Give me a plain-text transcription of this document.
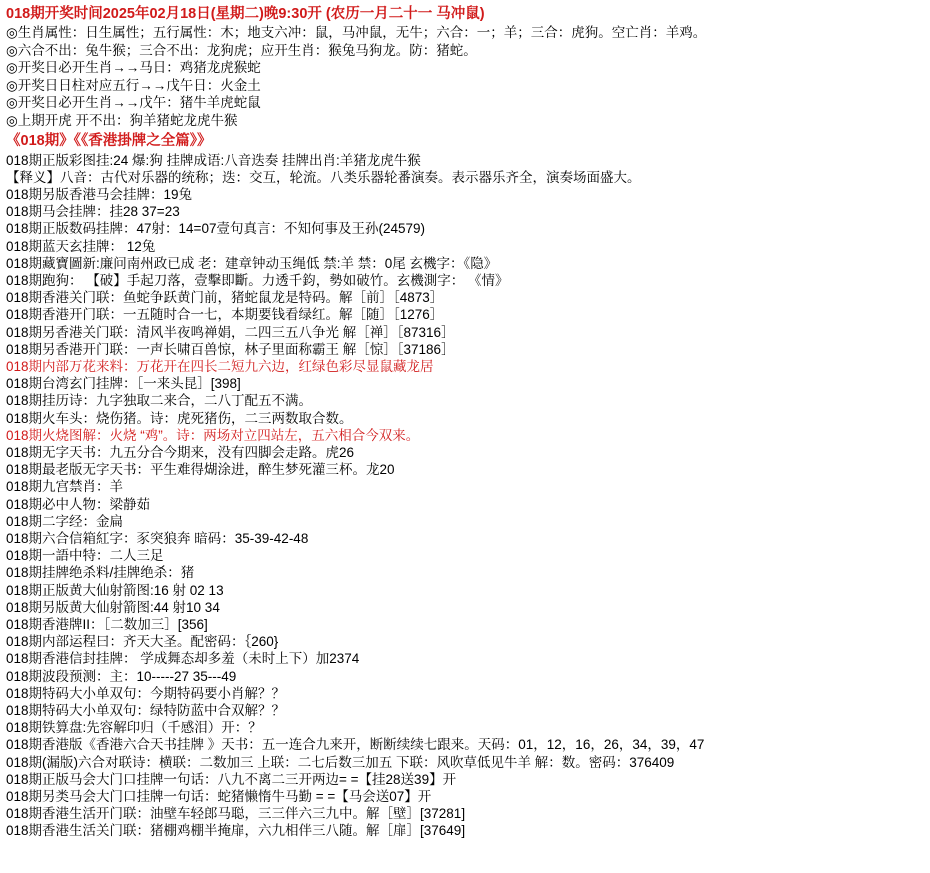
018期开奖时间2025年02月18日(星期二)晚9:30开 (农历一月二十一 马冲鼠)
◎生肖属性：日生属性；五行属性：木；地支六冲：鼠，马冲鼠，无牛；六合：一；羊；三合：虎狗。空亡肖：羊鸡。
◎六合不出：兔牛猴；三合不出：龙狗虎；应开生肖：猴兔马狗龙。防：猪蛇。
◎开奖日必开生肖→→马日：鸡猪龙虎猴蛇
◎开奖日日柱对应五行→→戊午日：火金土
◎开奖日必开生肖→→戊午：猪牛羊虎蛇鼠
◎上期开虎 开不出：狗羊猪蛇龙虎牛猴
《018期》《《香港掛牌之全篇》》
018期正版彩图挂:24 爆:狗 挂牌成语:八音迭奏 挂牌出肖:羊猪龙虎牛猴
【释义】八音：古代对乐器的统称；迭：交互，轮流。八类乐器轮番演奏。表示器乐齐全，演奏场面盛大。
018期另版香港马会挂牌：19兔
018期马会挂牌：挂28 37=23
018期正版数码挂牌：47射：14=07壹句真言：不知何事及王孙(24579)
018期蓝天玄挂牌： 12兔
018期藏寶圖新:廉问南州政已成 老：建章钟动玉绳低 禁:羊 禁：0尾 玄機字：《隐》
018期跑狗： 【破】手起刀落，壹擊即斷。力透千鈞，勢如破竹。玄機測字： 《情》
018期香港关门联：鱼蛇争跃黄门前，猪蛇鼠龙是特码。解［前］［4873］
018期香港开门联：一五随时合一七，本期要钱看绿红。解［随］［1276］
018期另香港关门联：清风半夜鸣禅娟，二四三五八争光 解［禅］［87316］
018期另香港开门联：一声长啸百兽惊，林子里面称霸王 解［惊］［37186］
018期内部万花来料：万花开在四长二短九六边，红绿色彩尽显鼠藏龙居
018期台湾玄门挂牌：［一来头昆］[398]
018期挂历诗：九字独取二来合，二八丁配五不满。
018期火车头：烧伤猪。诗：虎死猪伤，二三两数取合数。
018期火烧图解：火烧 “鸡”。诗：两场对立四站左，五六相合今双来。
018期无字天书：九五分合今期来，没有四脚会走路。虎26
018期最老版无字天书：平生难得煳涂进，醉生梦死灌三杯。龙20
018期九宫禁肖：羊
018期必中人物：梁静茹
018期二字经：金扁
018期六合信箱紅字：豕突狼奔 暗码：35-39-42-48
018期一語中特：二人三足
018期挂牌绝杀料/挂牌绝杀：猪
018期正版黄大仙射箭图:16 射 02 13
018期另版黄大仙射箭图:44 射10 34
018期香港牌II：［二数加三］[356]
018期内部运程曰：齐天大圣。配密码：｛260}
018期香港信封挂牌： 学成舞态却多羞（未时上下）加2374
018期波段预测：主：10-----27 35---49
018期特码大小单双句：今期特码要小肖解？？
018期特码大小单双句：绿特防蓝中合双解？？
018期铁算盘:先容解印归（千感泪）开：？
018期香港版《香港六合天书挂牌 》天书：五一连合九来开，断断续续七跟来。天码：01，12，16，26，34，39，47
018期(漏版)六合对联诗：横联：二数加三 上联：二七后数三加五 下联：风吹草低见牛羊 解：数。密码：376409
018期正版马会大门口挂牌一句话：八九不离二三开两边= =【挂28送39】开
018期另类马会大门口挂牌一句话：蛇猪懒惰牛马勤 = =【马会送07】开
018期香港生活开门联：油壁车轻郎马聪，三三伴六三九中。解［壁］[37281]
018期香港生活关门联：猪棚鸡棚半掩扉，六九相伴三八随。解［扉］[37649]
